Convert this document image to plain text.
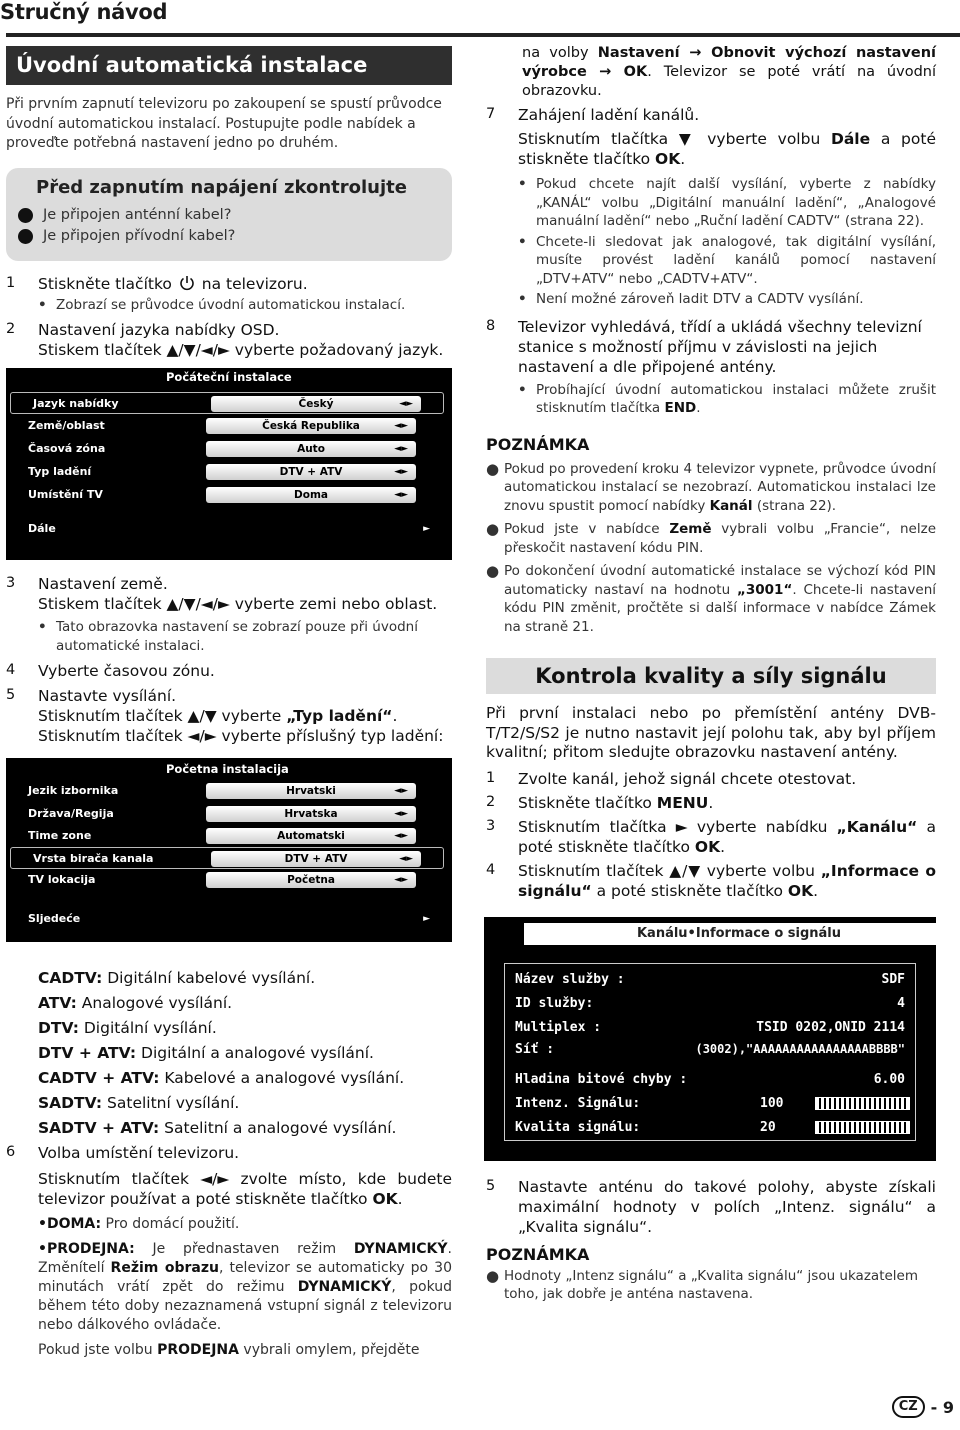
Stručný návod
Úvodní automatická instalace

Při prvním zapnutí televizoru po zakoupení se spustí průvodce úvodní automatickou instalací. Postupujte podle nabídek a proveďte potřebná nastavení jedno po druhém.

Před zapnutím napájení zkontrolujte
Je připojen anténní kabel?
Je připojen přívodní kabel?
1	Stiskněte tlačítko na televizoru.
• Zobrazí se průvodce úvodní automatickou instalací.
2	Nastavení jazyka nabídky OSD.
Stiskem tlačítek ▲/▼/◄/► vyberte požadovaný jazyk.
Počáteční instalace
Jazyk nabídky	Český	◄►
Země/oblast	Česká Republika	◄►
Časová zóna	Auto	◄►
Typ ladění	DTV + ATV	◄►
Umístění TV	Doma	◄►
Dále	►
3	Nastavení země.
Stiskem tlačítek ▲/▼/◄/► vyberte zemi nebo oblast.
• Tato obrazovka nastavení se zobrazí pouze při úvodní automatické instalaci.
4	Vyberte časovou zónu.
5	Nastavte vysílání.
Stisknutím tlačítek ▲/▼ vyberte „Typ ladění“.
Stisknutím tlačítek ◄/► vyberte příslušný typ ladění:
Početna instalacija
Jezik izbornika	Hrvatski	◄►
Država/Regija	Hrvatska	◄►
Time zone	Automatski	◄►
Vrsta birača kanala	DTV + ATV	◄►
TV lokacija	Početna	◄►
Sljedeće	►
CADTV: Digitální kabelové vysílání.
ATV: Analogové vysílání.
DTV: Digitální vysílání.
DTV + ATV: Digitální a analogové vysílání.
CADTV + ATV: Kabelové a analogové vysílání.
SADTV: Satelitní vysílání.
SADTV + ATV: Satelitní a analogové vysílání.
6	Volba umístění televizoru.
Stisknutím tlačítek ◄/► zvolte místo, kde budete televizor používat a poté stiskněte tlačítko OK.
•DOMA: Pro domácí použití.
•PRODEJNA: Je přednastaven režim DYNAMICKÝ. Změnítelí Režim obrazu, televizor se automaticky po 30 minutách vrátí zpět do režimu DYNAMICKÝ, pokud během této doby nezaznamená vstupní signál z televizoru nebo dálkového ovládače.
Pokud jste volbu PRODEJNA vybrali omylem, přejděte
na volby Nastavení → Obnovit výchozí nastavení výrobce → OK. Televizor se poté vrátí na úvodní obrazovku.
7	Zahájení ladění kanálů.
Stisknutím tlačítka ▼ vyberte volbu Dále a poté stiskněte tlačítko OK.
• Pokud chcete najít další vysílání, vyberte z nabídky „KANÁL“ volbu „Digitální manuální ladění“, „Analogové manuální ladění“ nebo „Ruční ladění CADTV“ (strana 22).
• Chcete-li sledovat jak analogové, tak digitální vysílání, musíte provést ladění kanálů pomocí nastavení „DTV+ATV“ nebo „CADTV+ATV“.
• Není možné zároveň ladit DTV a CADTV vysílání.
8	Televizor vyhledává, třídí a ukládá všechny televizní stanice s možností příjmu v závislosti na jejich nastavení a dle připojené antény.
• Probíhající úvodní automatickou instalaci můžete zrušit stisknutím tlačítka END.
POZNÁMKA
● Pokud po provedení kroku 4 televizor vypnete, průvodce úvodní automatickou instalací se nezobrazí. Automatickou instalaci lze znovu spustit pomocí nabídky Kanál (strana 22).
● Pokud jste v nabídce Země vybrali volbu „Francie“, nelze přeskočit nastavení kódu PIN.
● Po dokončení úvodní automatické instalace se výchozí kód PIN automaticky nastaví na hodnotu „3001“. Chcete-li nastavení kódu PIN změnit, pročtěte si další informace v nabídce Zámek na straně 21.
Kontrola kvality a síly signálu
Při první instalaci nebo po přemístění antény DVB-T/T2/S/S2 je nutno nastavit její polohu tak, aby byl příjem kvalitní; přitom sledujte obrazovku nastavení antény.
1	Zvolte kanál, jehož signál chcete otestovat.
2	Stiskněte tlačítko MENU.
3	Stisknutím tlačítka ► vyberte nabídku „Kanálu“ a poté stiskněte tlačítko OK.
4	Stisknutím tlačítek ▲/▼ vyberte volbu „Informace o signálu“ a poté stiskněte tlačítko OK.
Kanálu•Informace o signálu
Název služby :	SDF
ID služby:	4
Multiplex :	TSID 0202,ONID 2114
Síť :	(3002),"AAAAAAAAAAAAAAAABBBB"
Hladina bitové chyby :	6.00
Intenz. Signálu:	100
Kvalita signálu:	20
5	Nastavte anténu do takové polohy, abyste získali maximální hodnoty v polích „Intenz. signálu“ a „Kvalita signálu“.
POZNÁMKA
● Hodnoty „Intenz signálu“ a „Kvalita signálu“ jsou ukazatelem toho, jak dobře je anténa nastavena.
CZ - 9
